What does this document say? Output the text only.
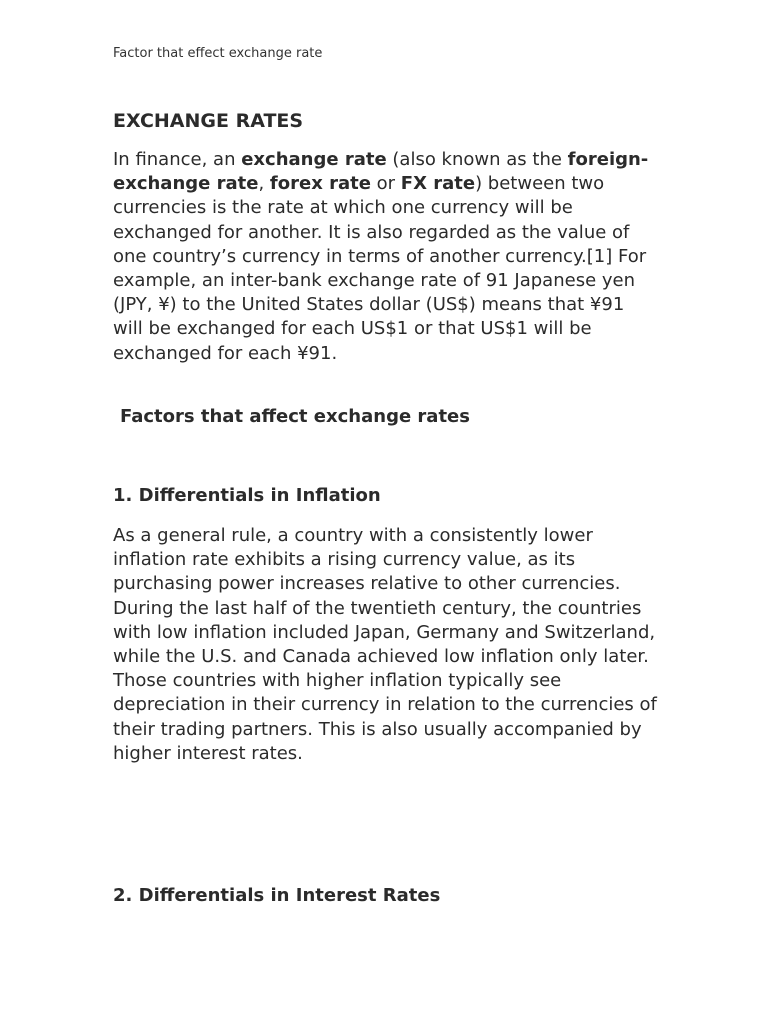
Factor that effect exchange rate
EXCHANGE RATES

In finance, an exchange rate (also known as the foreign-exchange rate, forex rate or FX rate) between two currencies is the rate at which one currency will be exchanged for another. It is also regarded as the value of one country’s currency in terms of another currency.[1] For example, an inter-bank exchange rate of 91 Japanese yen (JPY, ¥) to the United States dollar (US$) means that ¥91 will be exchanged for each US$1 or that US$1 will be exchanged for each ¥91.

Factors that affect exchange rates
1. Differentials in Inflation

As a general rule, a country with a consistently lower inflation rate exhibits a rising currency value, as its purchasing power increases relative to other currencies. During the last half of the twentieth century, the countries with low inflation included Japan, Germany and Switzerland, while the U.S. and Canada achieved low inflation only later. Those countries with higher inflation typically see depreciation in their currency in relation to the currencies of their trading partners. This is also usually accompanied by higher interest rates.

2. Differentials in Interest Rates
